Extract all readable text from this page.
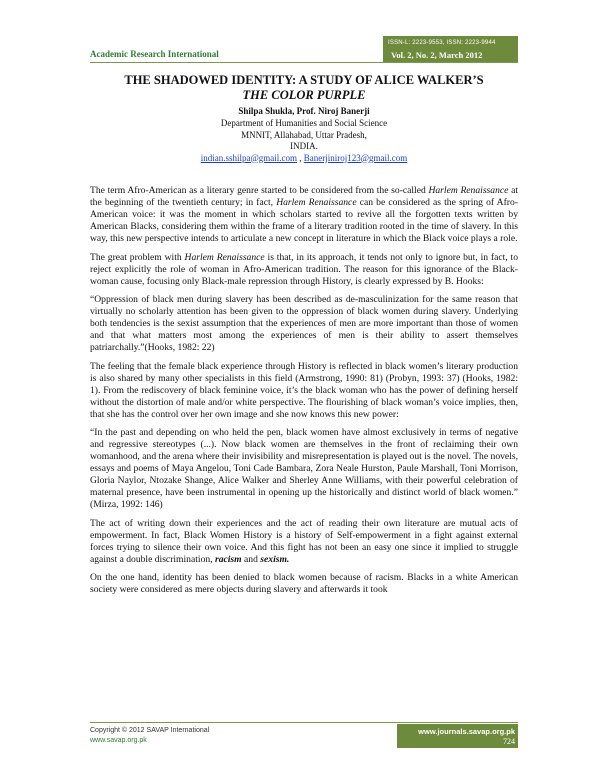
ISSN-L: 2223-9553, ISSN: 2223-9944
Vol. 2, No. 2, March 2012
Academic Research International
THE SHADOWED IDENTITY: A STUDY OF ALICE WALKER’S
THE COLOR PURPLE
Shilpa Shukla, Prof. Niroj Banerji
Department of Humanities and Social Science
MNNIT, Allahabad, Uttar Pradesh,
INDIA.
indian.sshilpa@gmail.com , Banerjiniroj123@gmail.com

The term Afro-American as a literary genre started to be considered from the so-called Harlem Renaissance at the beginning of the twentieth century; in fact, Harlem Renaissance can be considered as the spring of Afro-American voice: it was the moment in which scholars started to revive all the forgotten texts written by American Blacks, considering them within the frame of a literary tradition rooted in the time of slavery. In this way, this new perspective intends to articulate a new concept in literature in which the Black voice plays a role.

The great problem with Harlem Renaissance is that, in its approach, it tends not only to ignore but, in fact, to reject explicitly the role of woman in Afro-American tradition. The reason for this ignorance of the Black-woman cause, focusing only Black-male repression through History, is clearly expressed by B. Hooks:

“Oppression of black men during slavery has been described as de-masculinization for the same reason that virtually no scholarly attention has been given to the oppression of black women during slavery. Underlying both tendencies is the sexist assumption that the experiences of men are more important than those of women and that what matters most among the experiences of men is their ability to assert themselves patriarchally.”(Hooks, 1982: 22)

The feeling that the female black experience through History is reflected in black women’s literary production is also shared by many other specialists in this field (Armstrong, 1990: 81) (Probyn, 1993: 37) (Hooks, 1982: 1). From the rediscovery of black feminine voice, it’s the black woman who has the power of defining herself without the distortion of male and/or white perspective. The flourishing of black woman’s voice implies, then, that she has the control over her own image and she now knows this new power:

“In the past and depending on who held the pen, black women have almost exclusively in terms of negative and regressive stereotypes (...). Now black women are themselves in the front of reclaiming their own womanhood, and the arena where their invisibility and misrepresentation is played out is the novel. The novels, essays and poems of Maya Angelou, Toni Cade Bambara, Zora Neale Hurston, Paule Marshall, Toni Morrison, Gloria Naylor, Ntozake Shange, Alice Walker and Sherley Anne Williams, with their powerful celebration of maternal presence, have been instrumental in opening up the historically and distinct world of black women.” (Mirza, 1992: 146)

The act of writing down their experiences and the act of reading their own literature are mutual acts of empowerment. In fact, Black Women History is a history of Self-empowerment in a fight against external forces trying to silence their own voice. And this fight has not been an easy one since it implied to struggle against a double discrimination, racism and sexism.

On the one hand, identity has been denied to black women because of racism. Blacks in a white American society were considered as mere objects during slavery and afterwards it took

Copyright © 2012 SAVAP International
www.savap.org.pk
www.journals.savap.org.pk
724
